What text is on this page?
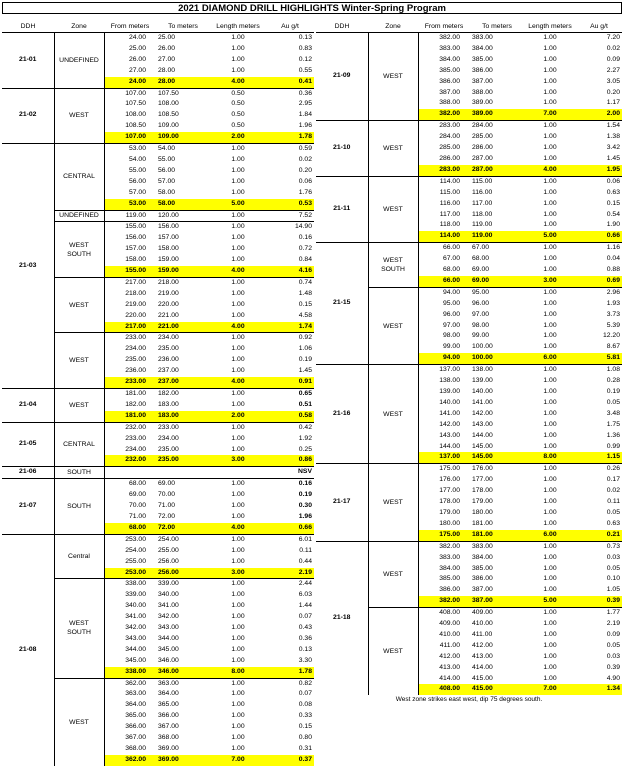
2021 DIAMOND DRILL HIGHLIGHTS Winter-Spring Program
DDH	Zone	From meters	To meters	Length meters	Au g/t
21-01	UNDEFINED	24.00	25.00	1.00	0.13
		25.00	26.00	1.00	0.83
		26.00	27.00	1.00	0.12
		27.00	28.00	1.00	0.55
		24.00	28.00	4.00	0.41
21-02	WEST	107.00	107.50	0.50	0.36
		107.50	108.00	0.50	2.95
		108.00	108.50	0.50	1.84
		108.50	109.00	0.50	1.96
		107.00	109.00	2.00	1.78
21-03	CENTRAL	53.00	54.00	1.00	0.59
		54.00	55.00	1.00	0.02
		55.00	56.00	1.00	0.20
		56.00	57.00	1.00	0.06
		57.00	58.00	1.00	1.76
		53.00	58.00	5.00	0.53
	UNDEFINED	119.00	120.00	1.00	7.52
	WEST SOUTH	155.00	156.00	1.00	14.90
		156.00	157.00	1.00	0.16
		157.00	158.00	1.00	0.72
		158.00	159.00	1.00	0.84
		155.00	159.00	4.00	4.16
	WEST	217.00	218.00	1.00	0.74
		218.00	219.00	1.00	1.48
		219.00	220.00	1.00	0.15
		220.00	221.00	1.00	4.58
		217.00	221.00	4.00	1.74
	WEST	233.00	234.00	1.00	0.92
		234.00	235.00	1.00	1.06
		235.00	236.00	1.00	0.19
		236.00	237.00	1.00	1.45
		233.00	237.00	4.00	0.91
21-04	WEST	181.00	182.00	1.00	0.65
		182.00	183.00	1.00	0.51
		181.00	183.00	2.00	0.58
21-05	CENTRAL	232.00	233.00	1.00	0.42
		233.00	234.00	1.00	1.92
		234.00	235.00	1.00	0.25
		232.00	235.00	3.00	0.86
21-06	SOUTH				NSV
21-07	SOUTH	68.00	69.00	1.00	0.16
		69.00	70.00	1.00	0.19
		70.00	71.00	1.00	0.30
		71.00	72.00	1.00	1.96
		68.00	72.00	4.00	0.66
21-08	Central	253.00	254.00	1.00	6.01
		254.00	255.00	1.00	0.11
		255.00	256.00	1.00	0.44
		253.00	256.00	3.00	2.19
	WEST SOUTH	338.00	339.00	1.00	2.44
		339.00	340.00	1.00	6.03
		340.00	341.00	1.00	1.44
		341.00	342.00	1.00	0.07
		342.00	343.00	1.00	0.43
		343.00	344.00	1.00	0.36
		344.00	345.00	1.00	0.13
		345.00	346.00	1.00	3.30
		338.00	346.00	8.00	1.78
	WEST	362.00	363.00	1.00	0.82
		363.00	364.00	1.00	0.07
		364.00	365.00	1.00	0.08
		365.00	366.00	1.00	0.33
		366.00	367.00	1.00	0.15
		367.00	368.00	1.00	0.80
		368.00	369.00	1.00	0.31
		362.00	369.00	7.00	0.37
DDH	Zone	From meters	To meters	Length meters	Au g/t
21-09	WEST	382.00	383.00	1.00	7.20
		383.00	384.00	1.00	0.02
		384.00	385.00	1.00	0.09
		385.00	386.00	1.00	2.27
		386.00	387.00	1.00	3.05
		387.00	388.00	1.00	0.20
		388.00	389.00	1.00	1.17
		382.00	389.00	7.00	2.00
21-10	WEST	283.00	284.00	1.00	1.54
		284.00	285.00	1.00	1.38
		285.00	286.00	1.00	3.42
		286.00	287.00	1.00	1.45
		283.00	287.00	4.00	1.95
21-11	WEST	114.00	115.00	1.00	0.06
		115.00	116.00	1.00	0.63
		116.00	117.00	1.00	0.15
		117.00	118.00	1.00	0.54
		118.00	119.00	1.00	1.90
		114.00	119.00	5.00	0.66
21-15	WEST SOUTH	66.00	67.00	1.00	1.16
		67.00	68.00	1.00	0.04
		68.00	69.00	1.00	0.88
		66.00	69.00	3.00	0.69
	WEST	94.00	95.00	1.00	2.96
		95.00	96.00	1.00	1.93
		96.00	97.00	1.00	3.73
		97.00	98.00	1.00	5.39
		98.00	99.00	1.00	12.20
		99.00	100.00	1.00	8.67
		94.00	100.00	6.00	5.81
21-16	WEST	137.00	138.00	1.00	1.08
		138.00	139.00	1.00	0.28
		139.00	140.00	1.00	0.19
		140.00	141.00	1.00	0.05
		141.00	142.00	1.00	3.48
		142.00	143.00	1.00	1.75
		143.00	144.00	1.00	1.36
		144.00	145.00	1.00	0.99
		137.00	145.00	8.00	1.15
21-17	WEST	175.00	176.00	1.00	0.26
		176.00	177.00	1.00	0.17
		177.00	178.00	1.00	0.02
		178.00	179.00	1.00	0.11
		179.00	180.00	1.00	0.05
		180.00	181.00	1.00	0.63
		175.00	181.00	6.00	0.21
21-18	WEST	382.00	383.00	1.00	0.73
		383.00	384.00	1.00	0.03
		384.00	385.00	1.00	0.05
		385.00	386.00	1.00	0.10
		386.00	387.00	1.00	1.05
		382.00	387.00	5.00	0.39
	WEST	408.00	409.00	1.00	1.77
		409.00	410.00	1.00	2.19
		410.00	411.00	1.00	0.09
		411.00	412.00	1.00	0.05
		412.00	413.00	1.00	0.03
		413.00	414.00	1.00	0.39
		414.00	415.00	1.00	4.90
		408.00	415.00	7.00	1.34
West zone strikes east west, dip 75 degrees south.					
